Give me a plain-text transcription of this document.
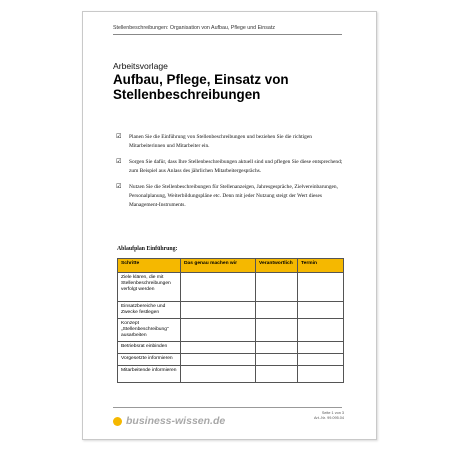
Stellenbeschreibungen: Organisation von Aufbau, Pflege und Einsatz
Arbeitsvorlage
Aufbau, Pflege, Einsatz von Stellenbeschreibungen
☑ Planen Sie die Einführung von Stellenbeschreibungen und beziehen Sie die richtigen Mitarbeiterinnen und Mitarbeiter ein.
☑ Sorgen Sie dafür, dass Ihre Stellenbeschreibungen aktuell sind und pflegen Sie diese entsprechend; zum Beispiel aus Anlass des jährlichen Mitarbeitergesprächs.
☑ Nutzen Sie die Stellenbeschreibungen für Stellenanzeigen, Jahresgespräche, Zielvereinbarungen, Personalplanung, Weiterbildungspläne etc. Denn mit jeder Nutzung steigt der Wert dieses Management-Instruments.
Ablaufplan Einführung:
Schritte	Das genau machen wir	Verantwortlich	Termin
Ziele klären, die mit Stellenbeschreibungen verfolgt werden			
Einsatzbereiche und Zwecke festlegen			
Konzept „Stellenbeschreibung“ ausarbeiten			
Betriebsrat einbinden			
Vorgesetzte informieren			
Mitarbeitende informieren			
business-wissen.de
Seite 1 von 3
Art.-Nr. 99.095.04
